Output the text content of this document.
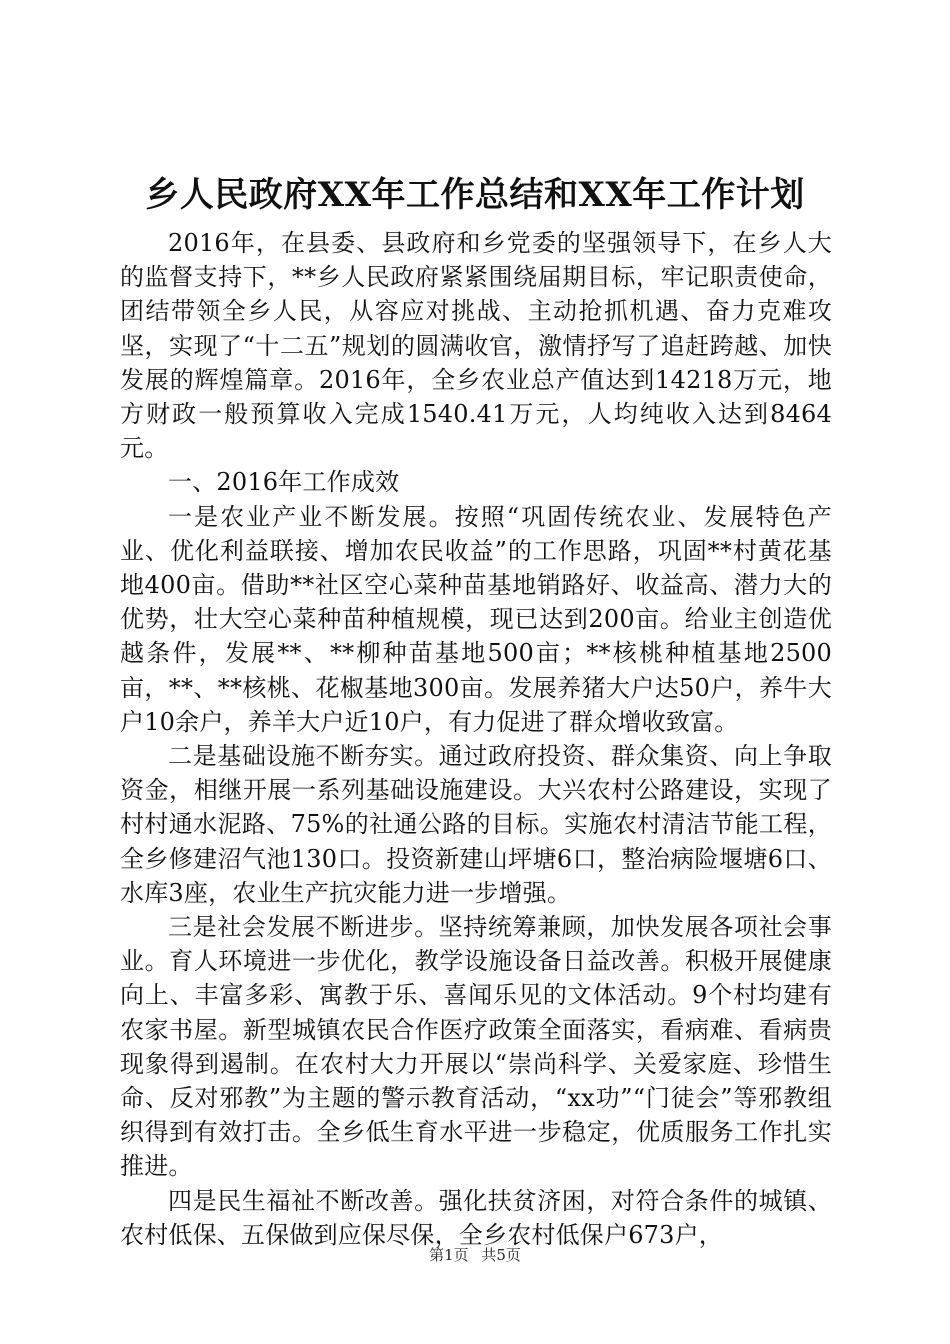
乡人民政府XX年工作总结和XX年工作计划

2016年，在县委、县政府和乡党委的坚强领导下，在乡人大的监督支持下，**乡人民政府紧紧围绕届期目标，牢记职责使命，团结带领全乡人民，从容应对挑战、主动抢抓机遇、奋力克难攻坚，实现了“十二五”规划的圆满收官，激情抒写了追赶跨越、加快发展的辉煌篇章。2016年，全乡农业总产值达到14218万元，地方财政一般预算收入完成1540.41万元，人均纯收入达到8464元。

一、2016年工作成效

一是农业产业不断发展。按照“巩固传统农业、发展特色产业、优化利益联接、增加农民收益”的工作思路，巩固**村黄花基地400亩。借助**社区空心菜种苗基地销路好、收益高、潜力大的优势，壮大空心菜种苗种植规模，现已达到200亩。给业主创造优越条件，发展**、**柳种苗基地500亩；**核桃种植基地2500亩，**、**核桃、花椒基地300亩。发展养猪大户达50户，养牛大户10余户，养羊大户近10户，有力促进了群众增收致富。

二是基础设施不断夯实。通过政府投资、群众集资、向上争取资金，相继开展一系列基础设施建设。大兴农村公路建设，实现了村村通水泥路、75%的社通公路的目标。实施农村清洁节能工程，全乡修建沼气池130口。投资新建山坪塘6口，整治病险堰塘6口、水库3座，农业生产抗灾能力进一步增强。

三是社会发展不断进步。坚持统筹兼顾，加快发展各项社会事业。育人环境进一步优化，教学设施设备日益改善。积极开展健康向上、丰富多彩、寓教于乐、喜闻乐见的文体活动。9个村均建有农家书屋。新型城镇农民合作医疗政策全面落实，看病难、看病贵现象得到遏制。在农村大力开展以“崇尚科学、关爱家庭、珍惜生命、反对邪教”为主题的警示教育活动，“xx功”“门徒会”等邪教组织得到有效打击。全乡低生育水平进一步稳定，优质服务工作扎实推进。

四是民生福祉不断改善。强化扶贫济困，对符合条件的城镇、农村低保、五保做到应保尽保，全乡农村低保户673户，

第1页 共5页
